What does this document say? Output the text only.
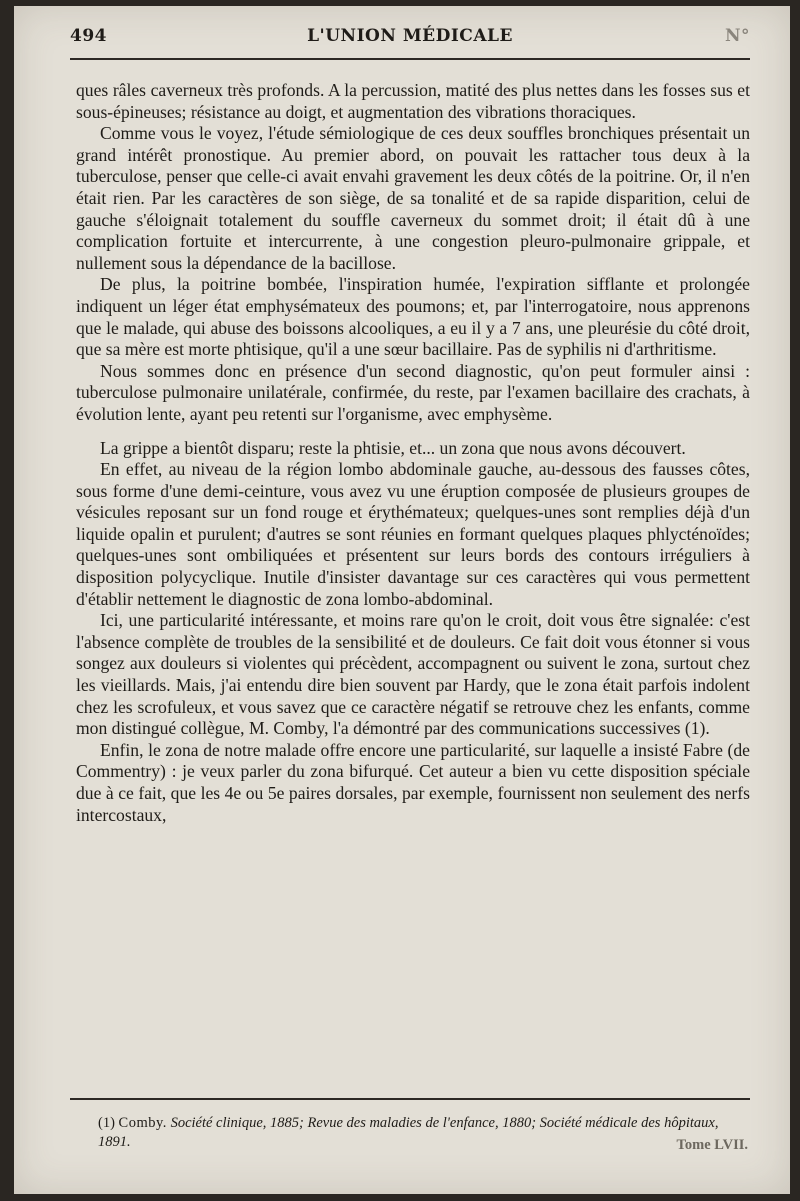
494	L'UNION MÉDICALE	N°

ques râles caverneux très profonds. A la percussion, matité des plus nettes dans les fosses sus et sous-épineuses; résistance au doigt, et augmentation des vibrations thoraciques.

Comme vous le voyez, l'étude sémiologique de ces deux souffles bronchiques présentait un grand intérêt pronostique. Au premier abord, on pouvait les rattacher tous deux à la tuberculose, penser que celle-ci avait envahi gravement les deux côtés de la poitrine. Or, il n'en était rien. Par les caractères de son siège, de sa tonalité et de sa rapide disparition, celui de gauche s'éloignait totalement du souffle caverneux du sommet droit; il était dû à une complication fortuite et intercurrente, à une congestion pleuro-pulmonaire grippale, et nullement sous la dépendance de la bacillose.

De plus, la poitrine bombée, l'inspiration humée, l'expiration sifflante et prolongée indiquent un léger état emphysémateux des poumons; et, par l'interrogatoire, nous apprenons que le malade, qui abuse des boissons alcooliques, a eu il y a 7 ans, une pleurésie du côté droit, que sa mère est morte phtisique, qu'il a une sœur bacillaire. Pas de syphilis ni d'arthritisme.

Nous sommes donc en présence d'un second diagnostic, qu'on peut formuler ainsi : tuberculose pulmonaire unilatérale, confirmée, du reste, par l'examen bacillaire des crachats, à évolution lente, ayant peu retenti sur l'organisme, avec emphysème.

La grippe a bientôt disparu; reste la phtisie, et... un zona que nous avons découvert.

En effet, au niveau de la région lombo abdominale gauche, au-dessous des fausses côtes, sous forme d'une demi-ceinture, vous avez vu une éruption composée de plusieurs groupes de vésicules reposant sur un fond rouge et érythémateux; quelques-unes sont remplies déjà d'un liquide opalin et purulent; d'autres se sont réunies en formant quelques plaques phlycténoïdes; quelques-unes sont ombiliquées et présentent sur leurs bords des contours irréguliers à disposition polycyclique. Inutile d'insister davantage sur ces caractères qui vous permettent d'établir nettement le diagnostic de zona lombo-abdominal.

Ici, une particularité intéressante, et moins rare qu'on le croit, doit vous être signalée: c'est l'absence complète de troubles de la sensibilité et de douleurs. Ce fait doit vous étonner si vous songez aux douleurs si violentes qui précèdent, accompagnent ou suivent le zona, surtout chez les vieillards. Mais, j'ai entendu dire bien souvent par Hardy, que le zona était parfois indolent chez les scrofuleux, et vous savez que ce caractère négatif se retrouve chez les enfants, comme mon distingué collègue, M. Comby, l'a démontré par des communications successives (1).

Enfin, le zona de notre malade offre encore une particularité, sur laquelle a insisté Fabre (de Commentry) : je veux parler du zona bifurqué. Cet auteur a bien vu cette disposition spéciale due à ce fait, que les 4e ou 5e paires dorsales, par exemple, fournissent non seulement des nerfs intercostaux,

(1) Comby. Société clinique, 1885; Revue des maladies de l'enfance, 1880; Société médicale des hôpitaux, 1891.	Tome LVII.
